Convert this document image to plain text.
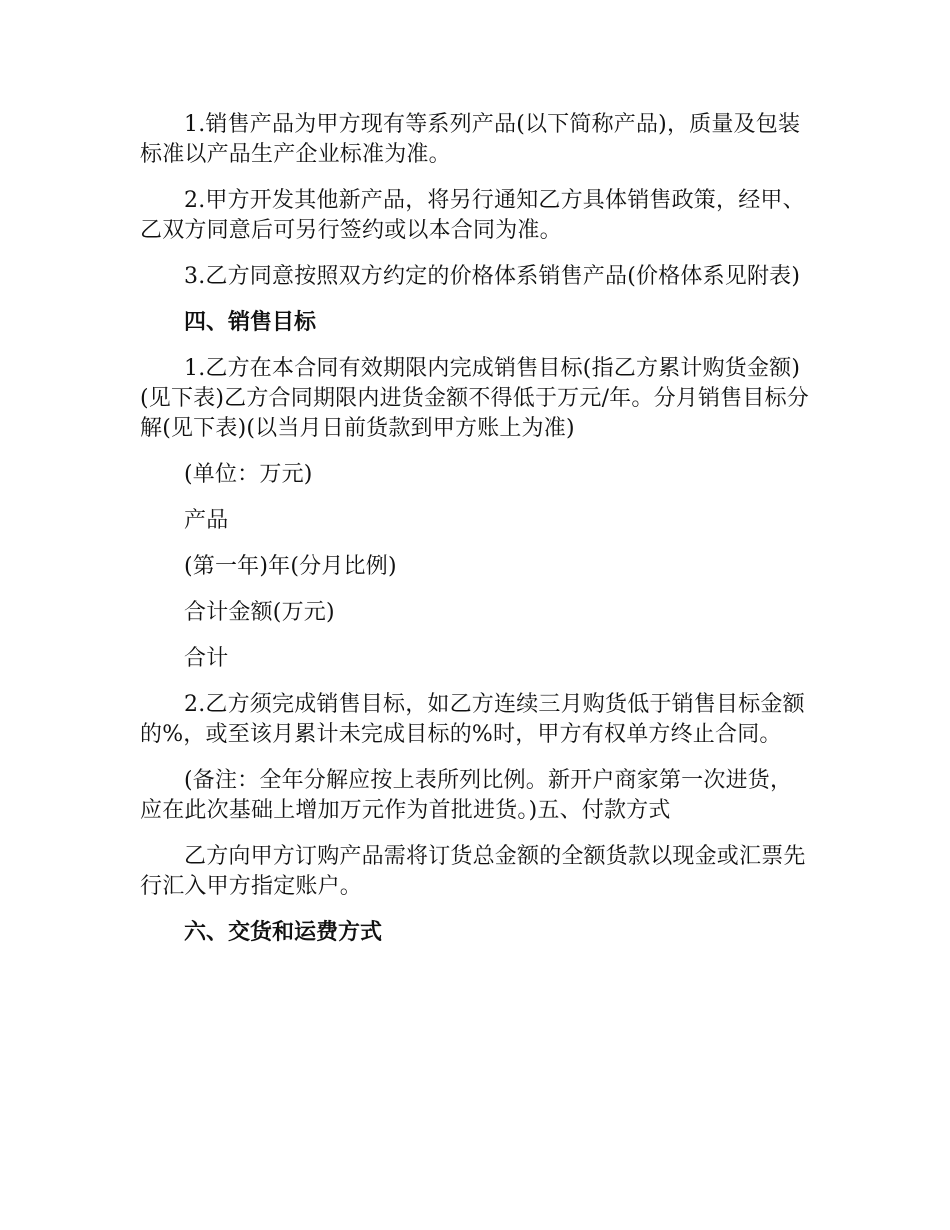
1.销售产品为甲方现有等系列产品(以下简称产品)，质量及包装标准以产品生产企业标准为准。

2.甲方开发其他新产品，将另行通知乙方具体销售政策，经甲、乙双方同意后可另行签约或以本合同为准。

3.乙方同意按照双方约定的价格体系销售产品(价格体系见附表)

四、销售目标

1.乙方在本合同有效期限内完成销售目标(指乙方累计购货金额)(见下表)乙方合同期限内进货金额不得低于万元/年。分月销售目标分解(见下表)(以当月日前货款到甲方账上为准)

(单位：万元)

产品

(第一年)年(分月比例)

合计金额(万元)

合计

2.乙方须完成销售目标，如乙方连续三月购货低于销售目标金额的%，或至该月累计未完成目标的%时，甲方有权单方终止合同。

(备注：全年分解应按上表所列比例。新开户商家第一次进货，应在此次基础上增加万元作为首批进货。)五、付款方式

乙方向甲方订购产品需将订货总金额的全额货款以现金或汇票先行汇入甲方指定账户。

六、交货和运费方式
